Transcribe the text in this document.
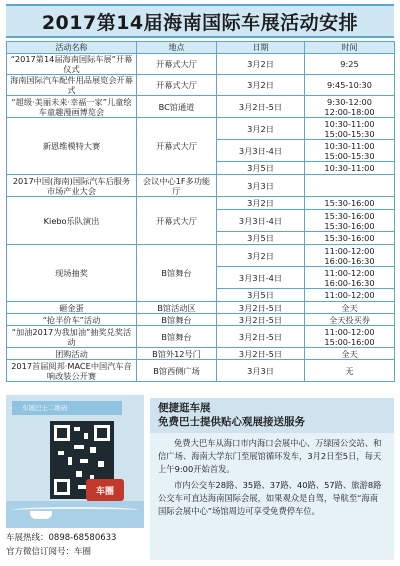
2017第14届海南国际车展活动安排
活动名称	地点	日期	时间
“2017第14届海南国际车展”开幕仪式	开幕式大厅	3月2日	9:25
海南国际汽车配件用品展览会开幕式	开幕式大厅	3月2日	9:45-10:30
“超级·美丽未来·幸福一家”儿童绘车童趣漫画博览会	BC馆通道	3月2日-5日	9:30-12:00
12:00-18:00

新恩维模特大赛	开幕式大厅	3月2日	10:30-11:00
15:00-15:30

		3月3日-4日	10:30-11:00
15:00-15:30

		3月5日	10:30-11:00
2017中国(海南)国际汽车后服务市场产业大会	会议中心1F多功能厅	3月3日	
Kiebo乐队演出	开幕式大厅	3月2日	15:30-16:00
		3月3日-4日	15:30-16:00
15:30-16:00

		3月5日	15:30-16:00
现场抽奖	B馆舞台	3月2日	11:00-12:00
16:00-16:30

		3月3日-4日	11:00-12:00
16:00-16:30

		3月5日	11:00-12:00
砸金蛋	B馆活动区	3月2日-5日	全天
“抢半价车”活动	B馆舞台	3月2日-5日	全天投买券
“加油2017为我加油”抽奖兑奖活动	B馆舞台	3月2日-5日	11:00-12:00
15:00-16:00

团购活动	B馆外12号门	3月2日-5日	全天
2017首届阅邦·MACE中国汽车音响改装公开赛	B馆西侧广场	3月3日	无
车展巴士二维码
车圈
车展热线：0898-68580633
官方微信订阅号：车圈
便捷逛车展
免费巴士提供贴心观展接送服务

免费大巴车从海口市内海口会展中心、万绿园公交站、和信广场、海南大学东门至展馆循环发车，3月2日至5日，每天上午9:00开始首发。

市内公交车28路、35路、37路、40路、57路、旅游8路公交车可直达海南国际会展，如果观众是自驾，导航至“海南国际会展中心”场馆周边可享受免费停车位。
